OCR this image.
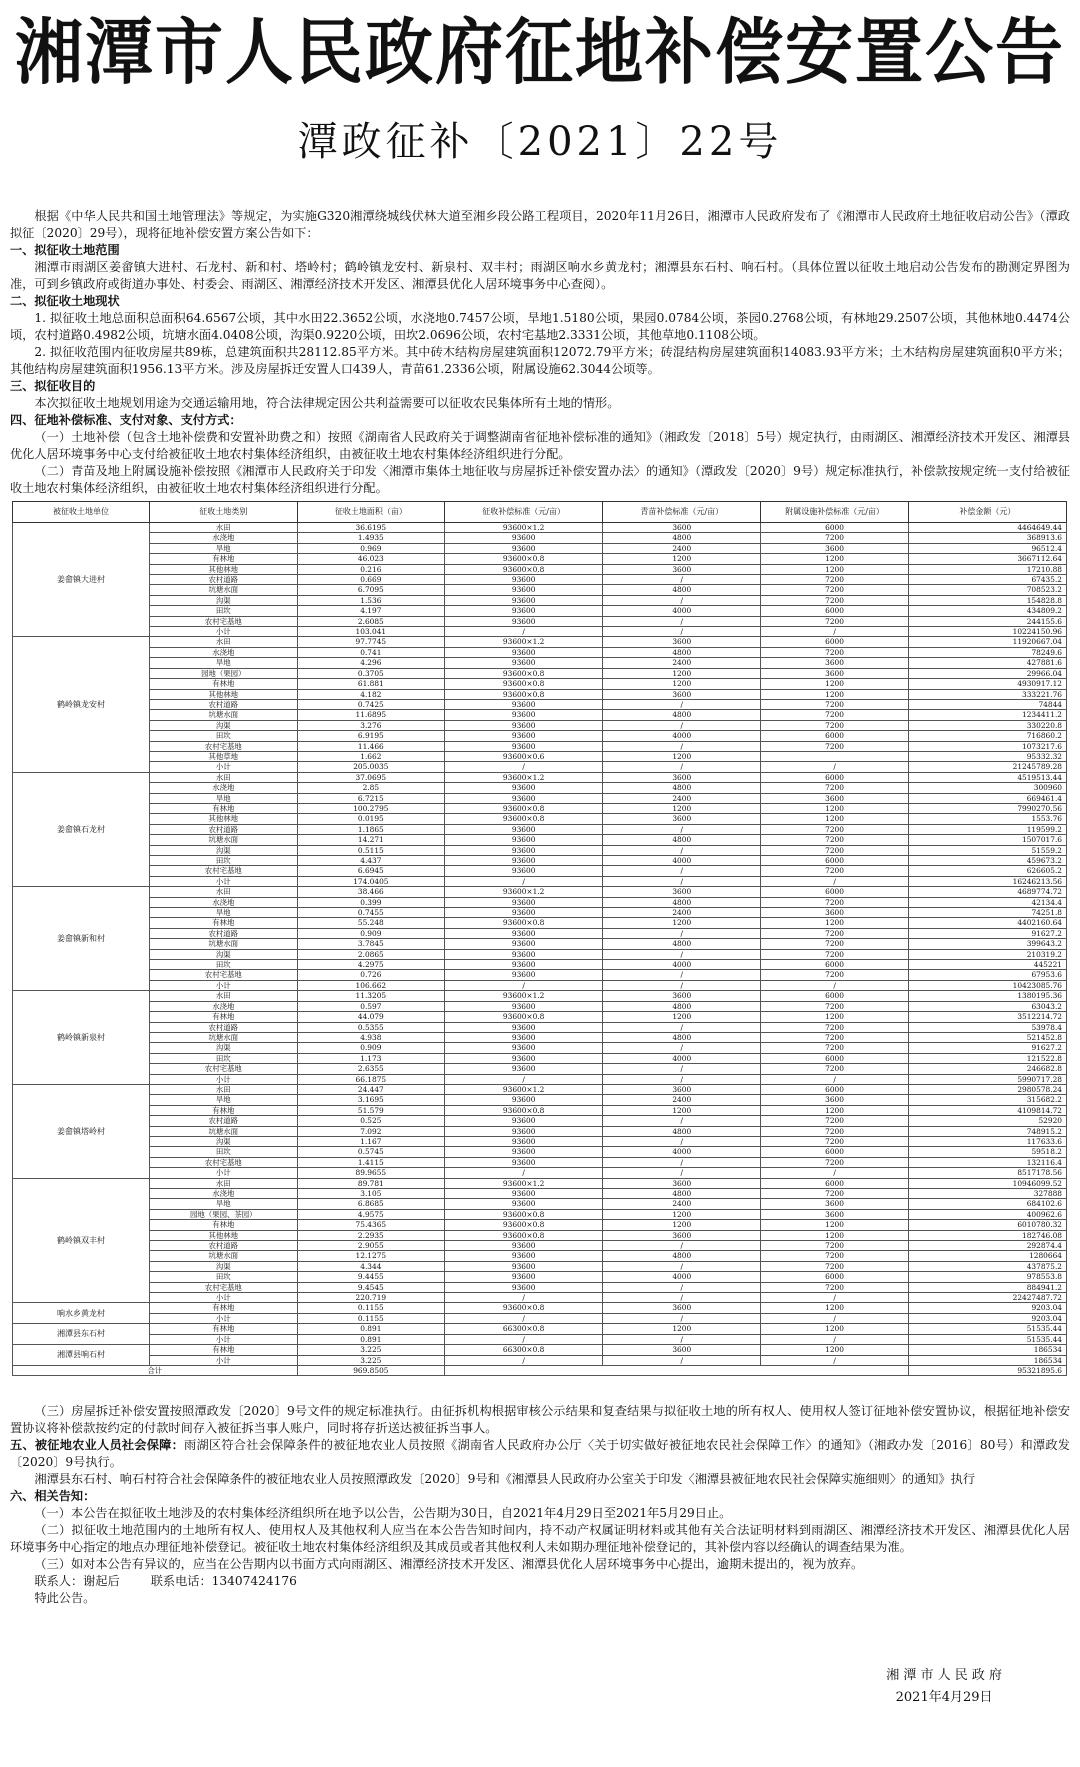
湘潭市人民政府征地补偿安置公告
潭政征补〔2021〕22号

根据《中华人民共和国土地管理法》等规定，为实施G320湘潭绕城线伏林大道至湘乡段公路工程项目，2020年11月26日，湘潭市人民政府发布了《湘潭市人民政府土地征收启动公告》（潭政拟征〔2020〕29号），现将征地补偿安置方案公告如下：

一、拟征收土地范围

湘潭市雨湖区姜畲镇大进村、石龙村、新和村、塔岭村；鹤岭镇龙安村、新泉村、双丰村；雨湖区响水乡黄龙村；湘潭县东石村、响石村。（具体位置以征收土地启动公告发布的勘测定界图为准，可到乡镇政府或街道办事处、村委会、雨湖区、湘潭经济技术开发区、湘潭县优化人居环境事务中心查阅）。

二、拟征收土地现状

1. 拟征收土地总面积总面积64.6567公顷，其中水田22.3652公顷，水浇地0.7457公顷，旱地1.5180公顷，果园0.0784公顷，茶园0.2768公顷，有林地29.2507公顷，其他林地0.4474公顷，农村道路0.4982公顷，坑塘水面4.0408公顷，沟渠0.9220公顷，田坎2.0696公顷，农村宅基地2.3331公顷，其他草地0.1108公顷。

2. 拟征收范围内征收房屋共89栋，总建筑面积共28112.85平方米。其中砖木结构房屋建筑面积12072.79平方米；砖混结构房屋建筑面积14083.93平方米；土木结构房屋建筑面积0平方米；其他结构房屋建筑面积1956.13平方米。涉及房屋拆迁安置人口439人，青苗61.2336公顷，附属设施62.3044公顷等。

三、拟征收目的

本次拟征收土地规划用途为交通运输用地，符合法律规定因公共利益需要可以征收农民集体所有土地的情形。

四、征地补偿标准、支付对象、支付方式：

（一）土地补偿（包含土地补偿费和安置补助费之和）按照《湖南省人民政府关于调整湖南省征地补偿标准的通知》（湘政发〔2018〕5号）规定执行，由雨湖区、湘潭经济技术开发区、湘潭县优化人居环境事务中心支付给被征收土地农村集体经济组织，由被征收土地农村集体经济组织进行分配。

（二）青苗及地上附属设施补偿按照《湘潭市人民政府关于印发〈湘潭市集体土地征收与房屋拆迁补偿安置办法〉的通知》（潭政发〔2020〕9号）规定标准执行，补偿款按规定统一支付给被征收土地农村集体经济组织，由被征收土地农村集体经济组织进行分配。

被征收土地单位	征收土地类别	征收土地面积（亩）	征收补偿标准（元/亩）	青苗补偿标准（元/亩）	附属设施补偿标准（元/亩）	补偿金额（元）
姜畲镇大进村	水田	36.6195	93600×1.2	3600	6000	4464649.44
	水浇地	1.4935	93600	4800	7200	368913.6
	旱地	0.969	93600	2400	3600	96512.4
	有林地	46.023	93600×0.8	1200	1200	3667112.64
	其他林地	0.216	93600×0.8	3600	1200	17210.88
	农村道路	0.669	93600	/	7200	67435.2
	坑塘水面	6.7095	93600	4800	7200	708523.2
	沟渠	1.536	93600	/	7200	154828.8
	田坎	4.197	93600	4000	6000	434809.2
	农村宅基地	2.6085	93600	/	7200	244155.6
	小计	103.041	/	/	/	10224150.96
鹤岭镇龙安村	水田	97.7745	93600×1.2	3600	6000	11920667.04
	水浇地	0.741	93600	4800	7200	78249.6
	旱地	4.296	93600	2400	3600	427881.6
	园地（果园）	0.3705	93600×0.8	1200	3600	29966.04
	有林地	61.881	93600×0.8	1200	1200	4930917.12
	其他林地	4.182	93600×0.8	3600	1200	333221.76
	农村道路	0.7425	93600	/	7200	74844
	坑塘水面	11.6895	93600	4800	7200	1234411.2
	沟渠	3.276	93600	/	7200	330220.8
	田坎	6.9195	93600	4000	6000	716860.2
	农村宅基地	11.466	93600	/	7200	1073217.6
	其他草地	1.662	93600×0.6	1200		95332.32
	小计	205.0035	/	/	/	21245789.28
姜畲镇石龙村	水田	37.0695	93600×1.2	3600	6000	4519513.44
	水浇地	2.85	93600	4800	7200	300960
	旱地	6.7215	93600	2400	3600	669461.4
	有林地	100.2795	93600×0.8	1200	1200	7990270.56
	其他林地	0.0195	93600×0.8	3600	1200	1553.76
	农村道路	1.1865	93600	/	7200	119599.2
	坑塘水面	14.271	93600	4800	7200	1507017.6
	沟渠	0.5115	93600	/	7200	51559.2
	田坎	4.437	93600	4000	6000	459673.2
	农村宅基地	6.6945	93600	/	7200	626605.2
	小计	174.0405	/	/	/	16246213.56
姜畲镇新和村	水田	38.466	93600×1.2	3600	6000	4689774.72
	水浇地	0.399	93600	4800	7200	42134.4
	旱地	0.7455	93600	2400	3600	74251.8
	有林地	55.248	93600×0.8	1200	1200	4402160.64
	农村道路	0.909	93600	/	7200	91627.2
	坑塘水面	3.7845	93600	4800	7200	399643.2
	沟渠	2.0865	93600	/	7200	210319.2
	田坎	4.2975	93600	4000	6000	445221
	农村宅基地	0.726	93600	/	7200	67953.6
	小计	106.662	/	/	/	10423085.76
鹤岭镇新泉村	水田	11.3205	93600×1.2	3600	6000	1380195.36
	水浇地	0.597	93600	4800	7200	63043.2
	有林地	44.079	93600×0.8	1200	1200	3512214.72
	农村道路	0.5355	93600	/	7200	53978.4
	坑塘水面	4.938	93600	4800	7200	521452.8
	沟渠	0.909	93600	/	7200	91627.2
	田坎	1.173	93600	4000	6000	121522.8
	农村宅基地	2.6355	93600	/	7200	246682.8
	小计	66.1875	/	/	/	5990717.28
姜畲镇塔岭村	水田	24.447	93600×1.2	3600	6000	2980578.24
	旱地	3.1695	93600	2400	3600	315682.2
	有林地	51.579	93600×0.8	1200	1200	4109814.72
	农村道路	0.525	93600	/	7200	52920
	坑塘水面	7.092	93600	4800	7200	748915.2
	沟渠	1.167	93600	/	7200	117633.6
	田坎	0.5745	93600	4000	6000	59518.2
	农村宅基地	1.4115	93600	/	7200	132116.4
	小计	89.9655	/	/	/	8517178.56
鹤岭镇双丰村	水田	89.781	93600×1.2	3600	6000	10946099.52
	水浇地	3.105	93600	4800	7200	327888
	旱地	6.8685	93600	2400	3600	684102.6
	园地（果园、茶园）	4.9575	93600×0.8	1200	3600	400962.6
	有林地	75.4365	93600×0.8	1200	1200	6010780.32
	其他林地	2.2935	93600×0.8	3600	1200	182746.08
	农村道路	2.9055	93600	/	7200	292874.4
	坑塘水面	12.1275	93600	4800	7200	1280664
	沟渠	4.344	93600	/	7200	437875.2
	田坎	9.4455	93600	4000	6000	978553.8
	农村宅基地	9.4545	93600	/	7200	884941.2
	小计	220.719	/	/	/	22427487.72
响水乡黄龙村	有林地	0.1155	93600×0.8	3600	1200	9203.04
	小计	0.1155	/	/	/	9203.04
湘潭县东石村	有林地	0.891	66300×0.8	1200	1200	51535.44
	小计	0.891	/	/	/	51535.44
湘潭县响石村	有林地	3.225	66300×0.8	3600	1200	186534
	小计	3.225	/	/	/	186534
合计		969.8505				95321895.6

（三）房屋拆迁补偿安置按照潭政发〔2020〕9号文件的规定标准执行。由征拆机构根据审核公示结果和复查结果与拟征收土地的所有权人、使用权人签订征地补偿安置协议，根据征地补偿安置协议将补偿款按约定的付款时间存入被征拆当事人账户，同时将存折送达被征拆当事人。

五、被征地农业人员社会保障：雨湖区符合社会保障条件的被征地农业人员按照《湖南省人民政府办公厅〈关于切实做好被征地农民社会保障工作〉的通知》（湘政办发〔2016〕80号）和潭政发〔2020〕9号执行。

湘潭县东石村、响石村符合社会保障条件的被征地农业人员按照潭政发〔2020〕9号和《湘潭县人民政府办公室关于印发〈湘潭县被征地农民社会保障实施细则〉的通知》执行

六、相关告知：

（一）本公告在拟征收土地涉及的农村集体经济组织所在地予以公告，公告期为30日，自2021年4月29日至2021年5月29日止。

（二）拟征收土地范围内的土地所有权人、使用权人及其他权利人应当在本公告告知时间内，持不动产权属证明材料或其他有关合法证明材料到雨湖区、湘潭经济技术开发区、湘潭县优化人居环境事务中心指定的地点办理征地补偿登记。被征收土地农村集体经济组织及其成员或者其他权利人未如期办理征地补偿登记的，其补偿内容以经确认的调查结果为准。

（三）如对本公告有异议的，应当在公告期内以书面方式向雨湖区、湘潭经济技术开发区、湘潭县优化人居环境事务中心提出，逾期未提出的，视为放弃。

联系人：谢起后	联系电话：13407424176

特此公告。

湘 潭 市 人 民 政 府
2021年4月29日
